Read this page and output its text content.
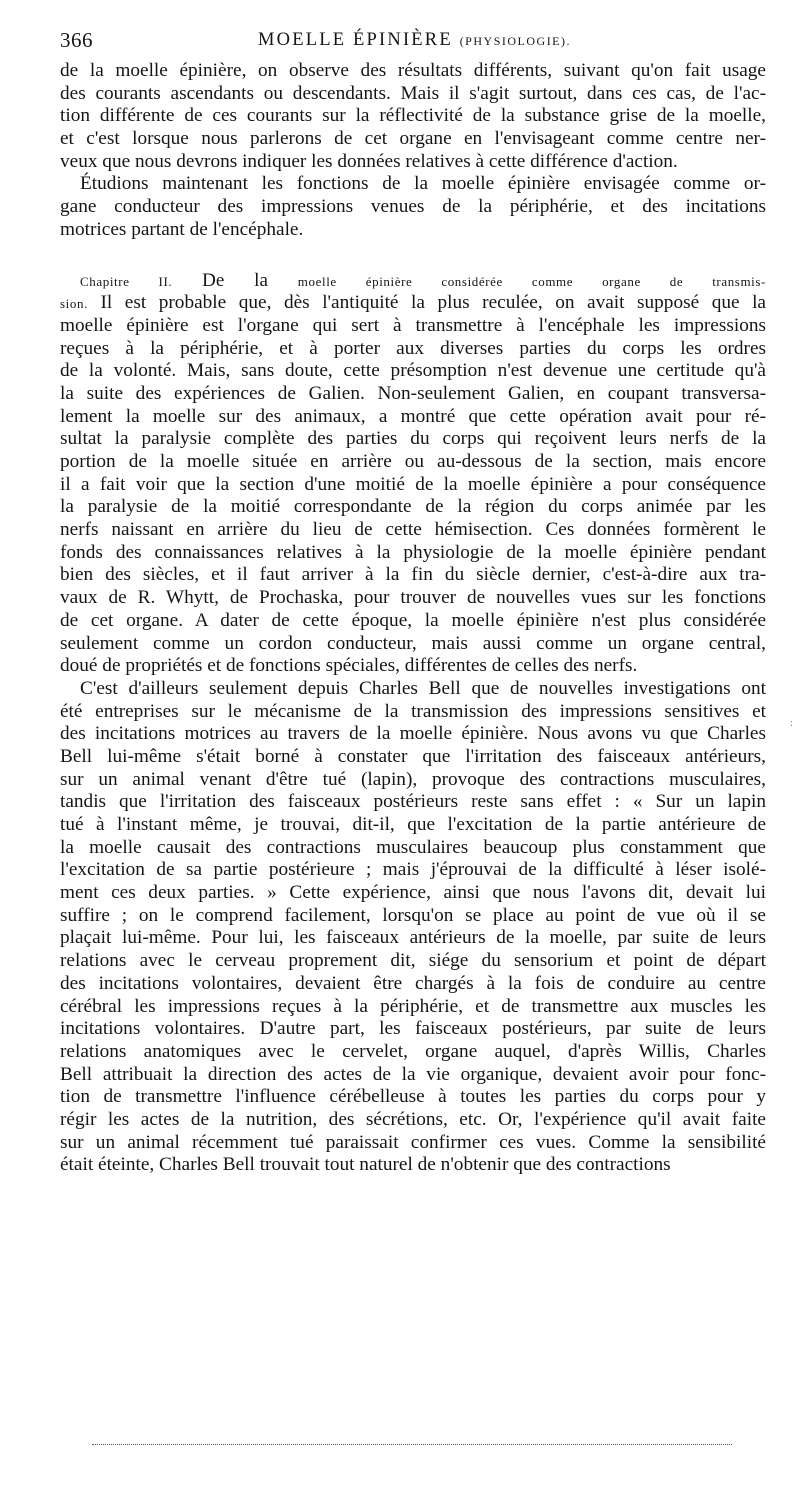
366	MOELLE ÉPINIÈRE (PHYSIOLOGIE).
de la moelle épinière, on observe des résultats différents, suivant qu'on fait usage
des courants ascendants ou descendants. Mais il s'agit surtout, dans ces cas, de l'ac-
tion différente de ces courants sur la réflectivité de la substance grise de la moelle,
et c'est lorsque nous parlerons de cet organe en l'envisageant comme centre ner-
veux que nous devrons indiquer les données relatives à cette différence d'action.
Étudions maintenant les fonctions de la moelle épinière envisagée comme or-
gane conducteur des impressions venues de la périphérie, et des incitations
motrices partant de l'encéphale.
Chapitre II. De la moelle épinière considérée comme organe de transmis-
sion. Il est probable que, dès l'antiquité la plus reculée, on avait supposé que la
moelle épinière est l'organe qui sert à transmettre à l'encéphale les impressions
reçues à la périphérie, et à porter aux diverses parties du corps les ordres
de la volonté. Mais, sans doute, cette présomption n'est devenue une certitude qu'à
la suite des expériences de Galien. Non-seulement Galien, en coupant transversa-
lement la moelle sur des animaux, a montré que cette opération avait pour ré-
sultat la paralysie complète des parties du corps qui reçoivent leurs nerfs de la
portion de la moelle située en arrière ou au-dessous de la section, mais encore
il a fait voir que la section d'une moitié de la moelle épinière a pour conséquence
la paralysie de la moitié correspondante de la région du corps animée par les
nerfs naissant en arrière du lieu de cette hémisection. Ces données formèrent le
fonds des connaissances relatives à la physiologie de la moelle épinière pendant
bien des siècles, et il faut arriver à la fin du siècle dernier, c'est-à-dire aux tra-
vaux de R. Whytt, de Prochaska, pour trouver de nouvelles vues sur les fonctions
de cet organe. A dater de cette époque, la moelle épinière n'est plus considérée
seulement comme un cordon conducteur, mais aussi comme un organe central,
doué de propriétés et de fonctions spéciales, différentes de celles des nerfs.
C'est d'ailleurs seulement depuis Charles Bell que de nouvelles investigations ont
été entreprises sur le mécanisme de la transmission des impressions sensitives et
des incitations motrices au travers de la moelle épinière. Nous avons vu que Charles
Bell lui-même s'était borné à constater que l'irritation des faisceaux antérieurs,
sur un animal venant d'être tué (lapin), provoque des contractions musculaires,
tandis que l'irritation des faisceaux postérieurs reste sans effet : « Sur un lapin
tué à l'instant même, je trouvai, dit-il, que l'excitation de la partie antérieure de
la moelle causait des contractions musculaires beaucoup plus constamment que
l'excitation de sa partie postérieure ; mais j'éprouvai de la difficulté à léser isolé-
ment ces deux parties. » Cette expérience, ainsi que nous l'avons dit, devait lui
suffire ; on le comprend facilement, lorsqu'on se place au point de vue où il se
plaçait lui-même. Pour lui, les faisceaux antérieurs de la moelle, par suite de leurs
relations avec le cerveau proprement dit, siége du sensorium et point de départ
des incitations volontaires, devaient être chargés à la fois de conduire au centre
cérébral les impressions reçues à la périphérie, et de transmettre aux muscles les
incitations volontaires. D'autre part, les faisceaux postérieurs, par suite de leurs
relations anatomiques avec le cervelet, organe auquel, d'après Willis, Charles
Bell attribuait la direction des actes de la vie organique, devaient avoir pour fonc-
tion de transmettre l'influence cérébelleuse à toutes les parties du corps pour y
régir les actes de la nutrition, des sécrétions, etc. Or, l'expérience qu'il avait faite
sur un animal récemment tué paraissait confirmer ces vues. Comme la sensibilité
était éteinte, Charles Bell trouvait tout naturel de n'obtenir que des contractions
:
